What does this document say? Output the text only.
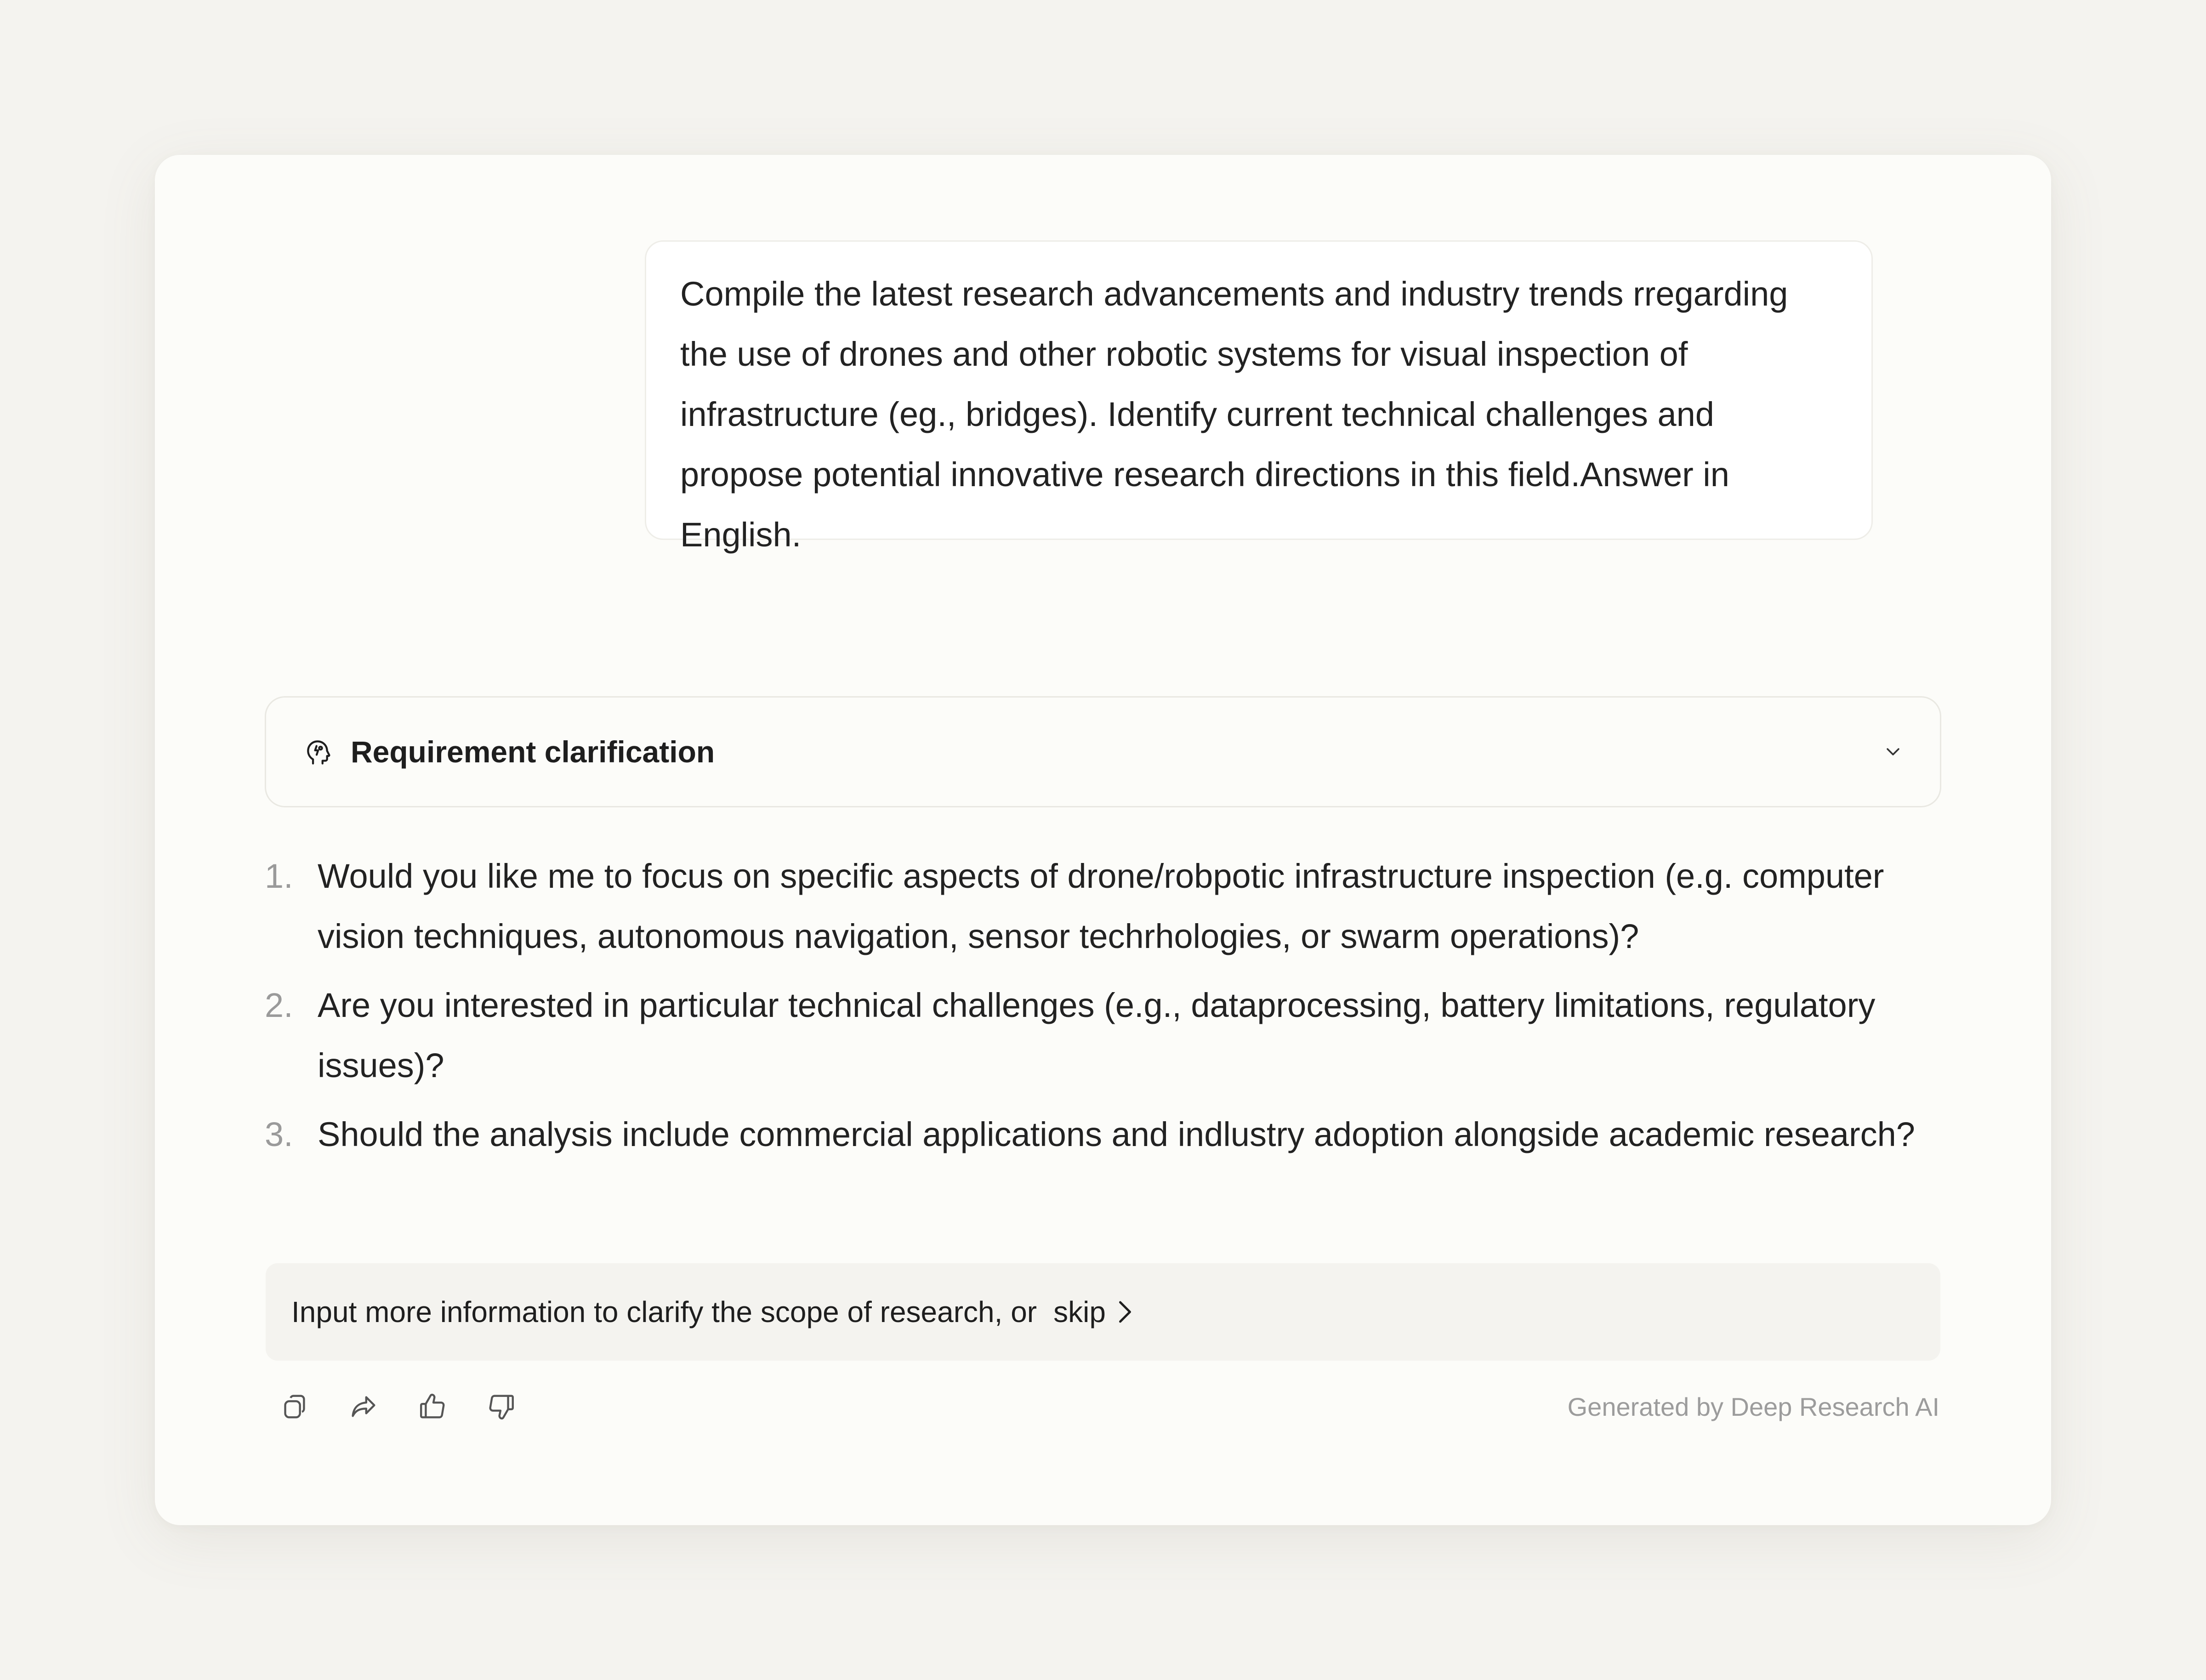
Compile the latest research advancements and industry trends rregarding the use of drones and other robotic systems for visual inspection of infrastructure (eg., bridges). Identify current technical challenges and propose potential innovative research directions in this field.Answer in English.
Requirement clarification
1. Would you like me to focus on specific aspects of drone/robpotic infrastructure inspection (e.g. computer vision techniques, autonomous navigation, sensor techrhologies, or swarm operations)?
2. Are you interested in particular technical challenges (e.g., dataprocessing, battery limitations, regulatory issues)?
3. Should the analysis include commercial applications and indlustry adoption alongside academic research?
Input more information to clarify the scope of research, or skip
Generated by Deep Research AI
